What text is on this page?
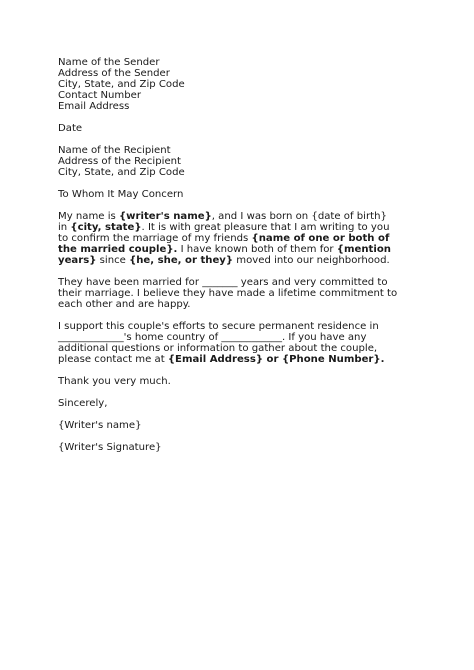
Name of the Sender
Address of the Sender
City, State, and Zip Code
Contact Number
Email Address
Date
Name of the Recipient
Address of the Recipient
City, State, and Zip Code
To Whom It May Concern

My name is {writer's name}, and I was born on {date of birth} in {city, state}. It is with great pleasure that I am writing to you to confirm the marriage of my friends {name of one or both of the married couple}. I have known both of them for {mention years} since {he, she, or they} moved into our neighborhood.

They have been married for _______ years and very committed to their marriage. I believe they have made a lifetime commitment to each other and are happy.

I support this couple's efforts to secure permanent residence in _____________'s home country of ____________. If you have any additional questions or information to gather about the couple, please contact me at {Email Address} or {Phone Number}.

Thank you very much.

Sincerely,

{Writer's name}

{Writer's Signature}
